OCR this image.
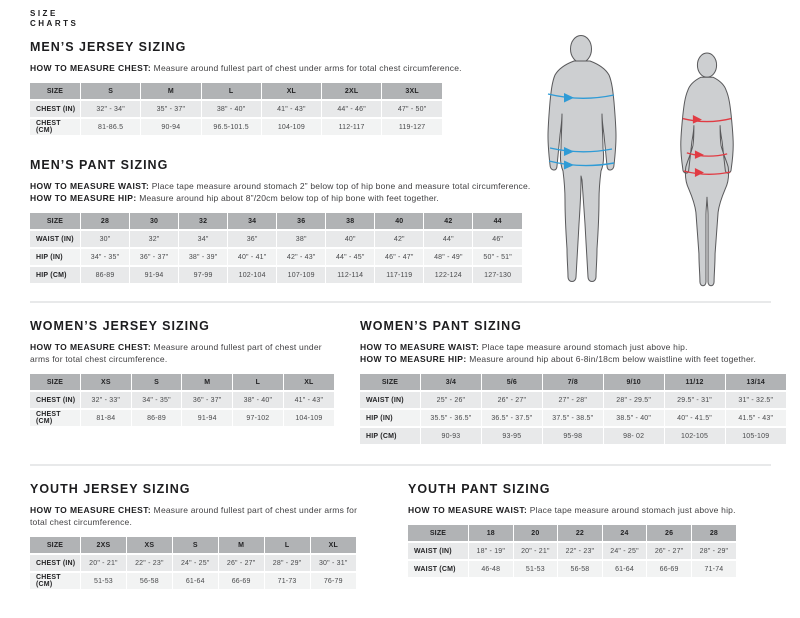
SIZE
CHARTS
MEN’S JERSEY SIZING

HOW TO MEASURE CHEST: Measure around fullest part of chest under arms for total chest circumference.

SIZE	S	M	L	XL	2XL	3XL
CHEST (IN)	32" - 34"	35" - 37"	38" - 40"	41" - 43"	44" - 46"	47" - 50"
CHEST (CM)	81-86.5	90-94	96.5-101.5	104-109	112-117	119-127
MEN’S PANT SIZING

HOW TO MEASURE WAIST: Place tape measure around stomach 2” below top of hip bone and measure total circumference.
HOW TO MEASURE HIP: Measure around hip about 8”/20cm below top of hip bone with feet together.

SIZE	28	30	32	34	36	38	40	42	44
WAIST (IN)	30"	32"	34"	36"	38"	40"	42"	44"	46"
HIP (IN)	34" - 35"	36" - 37"	38" - 39"	40" - 41"	42" - 43"	44" - 45"	46" - 47"	48" - 49"	50" - 51"
HIP (CM)	86-89	91-94	97-99	102-104	107-109	112-114	117-119	122-124	127-130
WOMEN’S JERSEY SIZING

HOW TO MEASURE CHEST: Measure around fullest part of chest under arms for total chest circumference.

SIZE	XS	S	M	L	XL
CHEST (IN)	32" - 33"	34" - 35"	36" - 37"	38" - 40"	41" - 43"
CHEST (CM)	81-84	86-89	91-94	97-102	104-109
WOMEN’S PANT SIZING

HOW TO MEASURE WAIST: Place tape measure around stomach just above hip.
HOW TO MEASURE HIP: Measure around hip about 6-8in/18cm below waistline with feet together.

SIZE	3/4	5/6	7/8	9/10	11/12	13/14
WAIST (IN)	25" - 26"	26" - 27"	27" - 28"	28" - 29.5"	29.5" - 31"	31" - 32.5"
HIP (IN)	35.5" - 36.5"	36.5" - 37.5"	37.5" - 38.5"	38.5" - 40"	40" - 41.5"	41.5" - 43"
HIP (CM)	90-93	93-95	95-98	98- 02	102-105	105-109
YOUTH JERSEY SIZING

HOW TO MEASURE CHEST: Measure around fullest part of chest under arms for total chest circumference.

SIZE	2XS	XS	S	M	L	XL
CHEST (IN)	20" - 21"	22" - 23"	24" - 25"	26" - 27"	28" - 29"	30" - 31"
CHEST (CM)	51-53	56-58	61-64	66-69	71-73	76-79
YOUTH PANT SIZING

HOW TO MEASURE WAIST: Place tape measure around stomach just above hip.

SIZE	18	20	22	24	26	28
WAIST (IN)	18" - 19"	20" - 21"	22" - 23"	24" - 25"	26" - 27"	28" - 29"
WAIST (CM)	46-48	51-53	56-58	61-64	66-69	71-74
